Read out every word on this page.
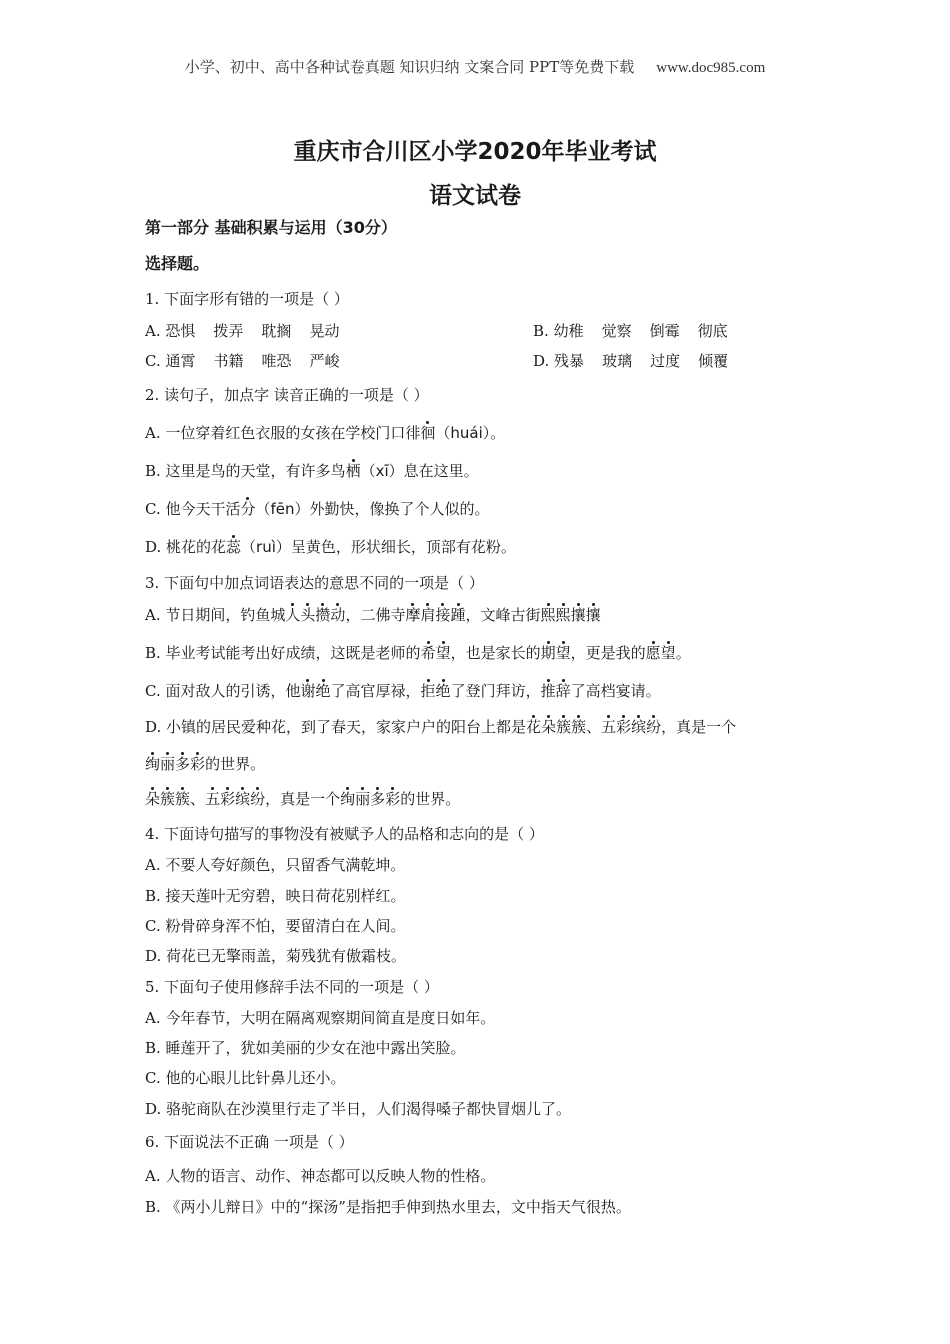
小学、初中、高中各种试卷真题 知识归纳 文案合同 PPT等免费下载 www.doc985.com
重庆市合川区小学2020年毕业考试
语文试卷
第一部分 基础积累与运用（30分）
选择题。
1. 下面字形有错的一项是（ ）
A. 恐惧 拨弄 耽搁 晃动	B. 幼稚 觉察 倒霉 彻底
C. 通霄 书籍 唯恐 严峻	D. 残暴 玻璃 过度 倾覆
2. 读句子，加点字 读音正确的一项是（ ）
A. 一位穿着红色衣服的女孩在学校门口徘徊（huái）。
B. 这里是鸟的天堂，有许多鸟栖（xī）息在这里。
C. 他今天干活分（fēn）外勤快，像换了个人似的。
D. 桃花的花蕊（ruì）呈黄色，形状细长，顶部有花粉。
3. 下面句中加点词语表达的意思不同的一项是（ ）
A. 节日期间，钓鱼城人头攒动，二佛寺摩肩接踵，文峰古街熙熙攘攘
B. 毕业考试能考出好成绩，这既是老师的希望，也是家长的期望，更是我的愿望。
C. 面对敌人的引诱，他谢绝了高官厚禄，拒绝了登门拜访，推辞了高档宴请。
D. 小镇的居民爱种花，到了春天，家家户户的阳台上都是花朵簇簇、五彩缤纷，真是一个
绚丽多彩的世界。
朵簇簇、五彩缤纷，真是一个绚丽多彩的世界。
4. 下面诗句描写的事物没有被赋予人的品格和志向的是（ ）
A. 不要人夸好颜色，只留香气满乾坤。
B. 接天莲叶无穷碧，映日荷花别样红。
C. 粉骨碎身浑不怕，要留清白在人间。
D. 荷花已无擎雨盖，菊残犹有傲霜枝。
5. 下面句子使用修辞手法不同的一项是（ ）
A. 今年春节，大明在隔离观察期间简直是度日如年。
B. 睡莲开了，犹如美丽的少女在池中露出笑脸。
C. 他的心眼儿比针鼻儿还小。
D. 骆驼商队在沙漠里行走了半日，人们渴得嗓子都快冒烟儿了。
6. 下面说法不正确 一项是（ ）
A. 人物的语言、动作、神态都可以反映人物的性格。
B. 《两小儿辩日》中的“探汤”是指把手伸到热水里去，文中指天气很热。
